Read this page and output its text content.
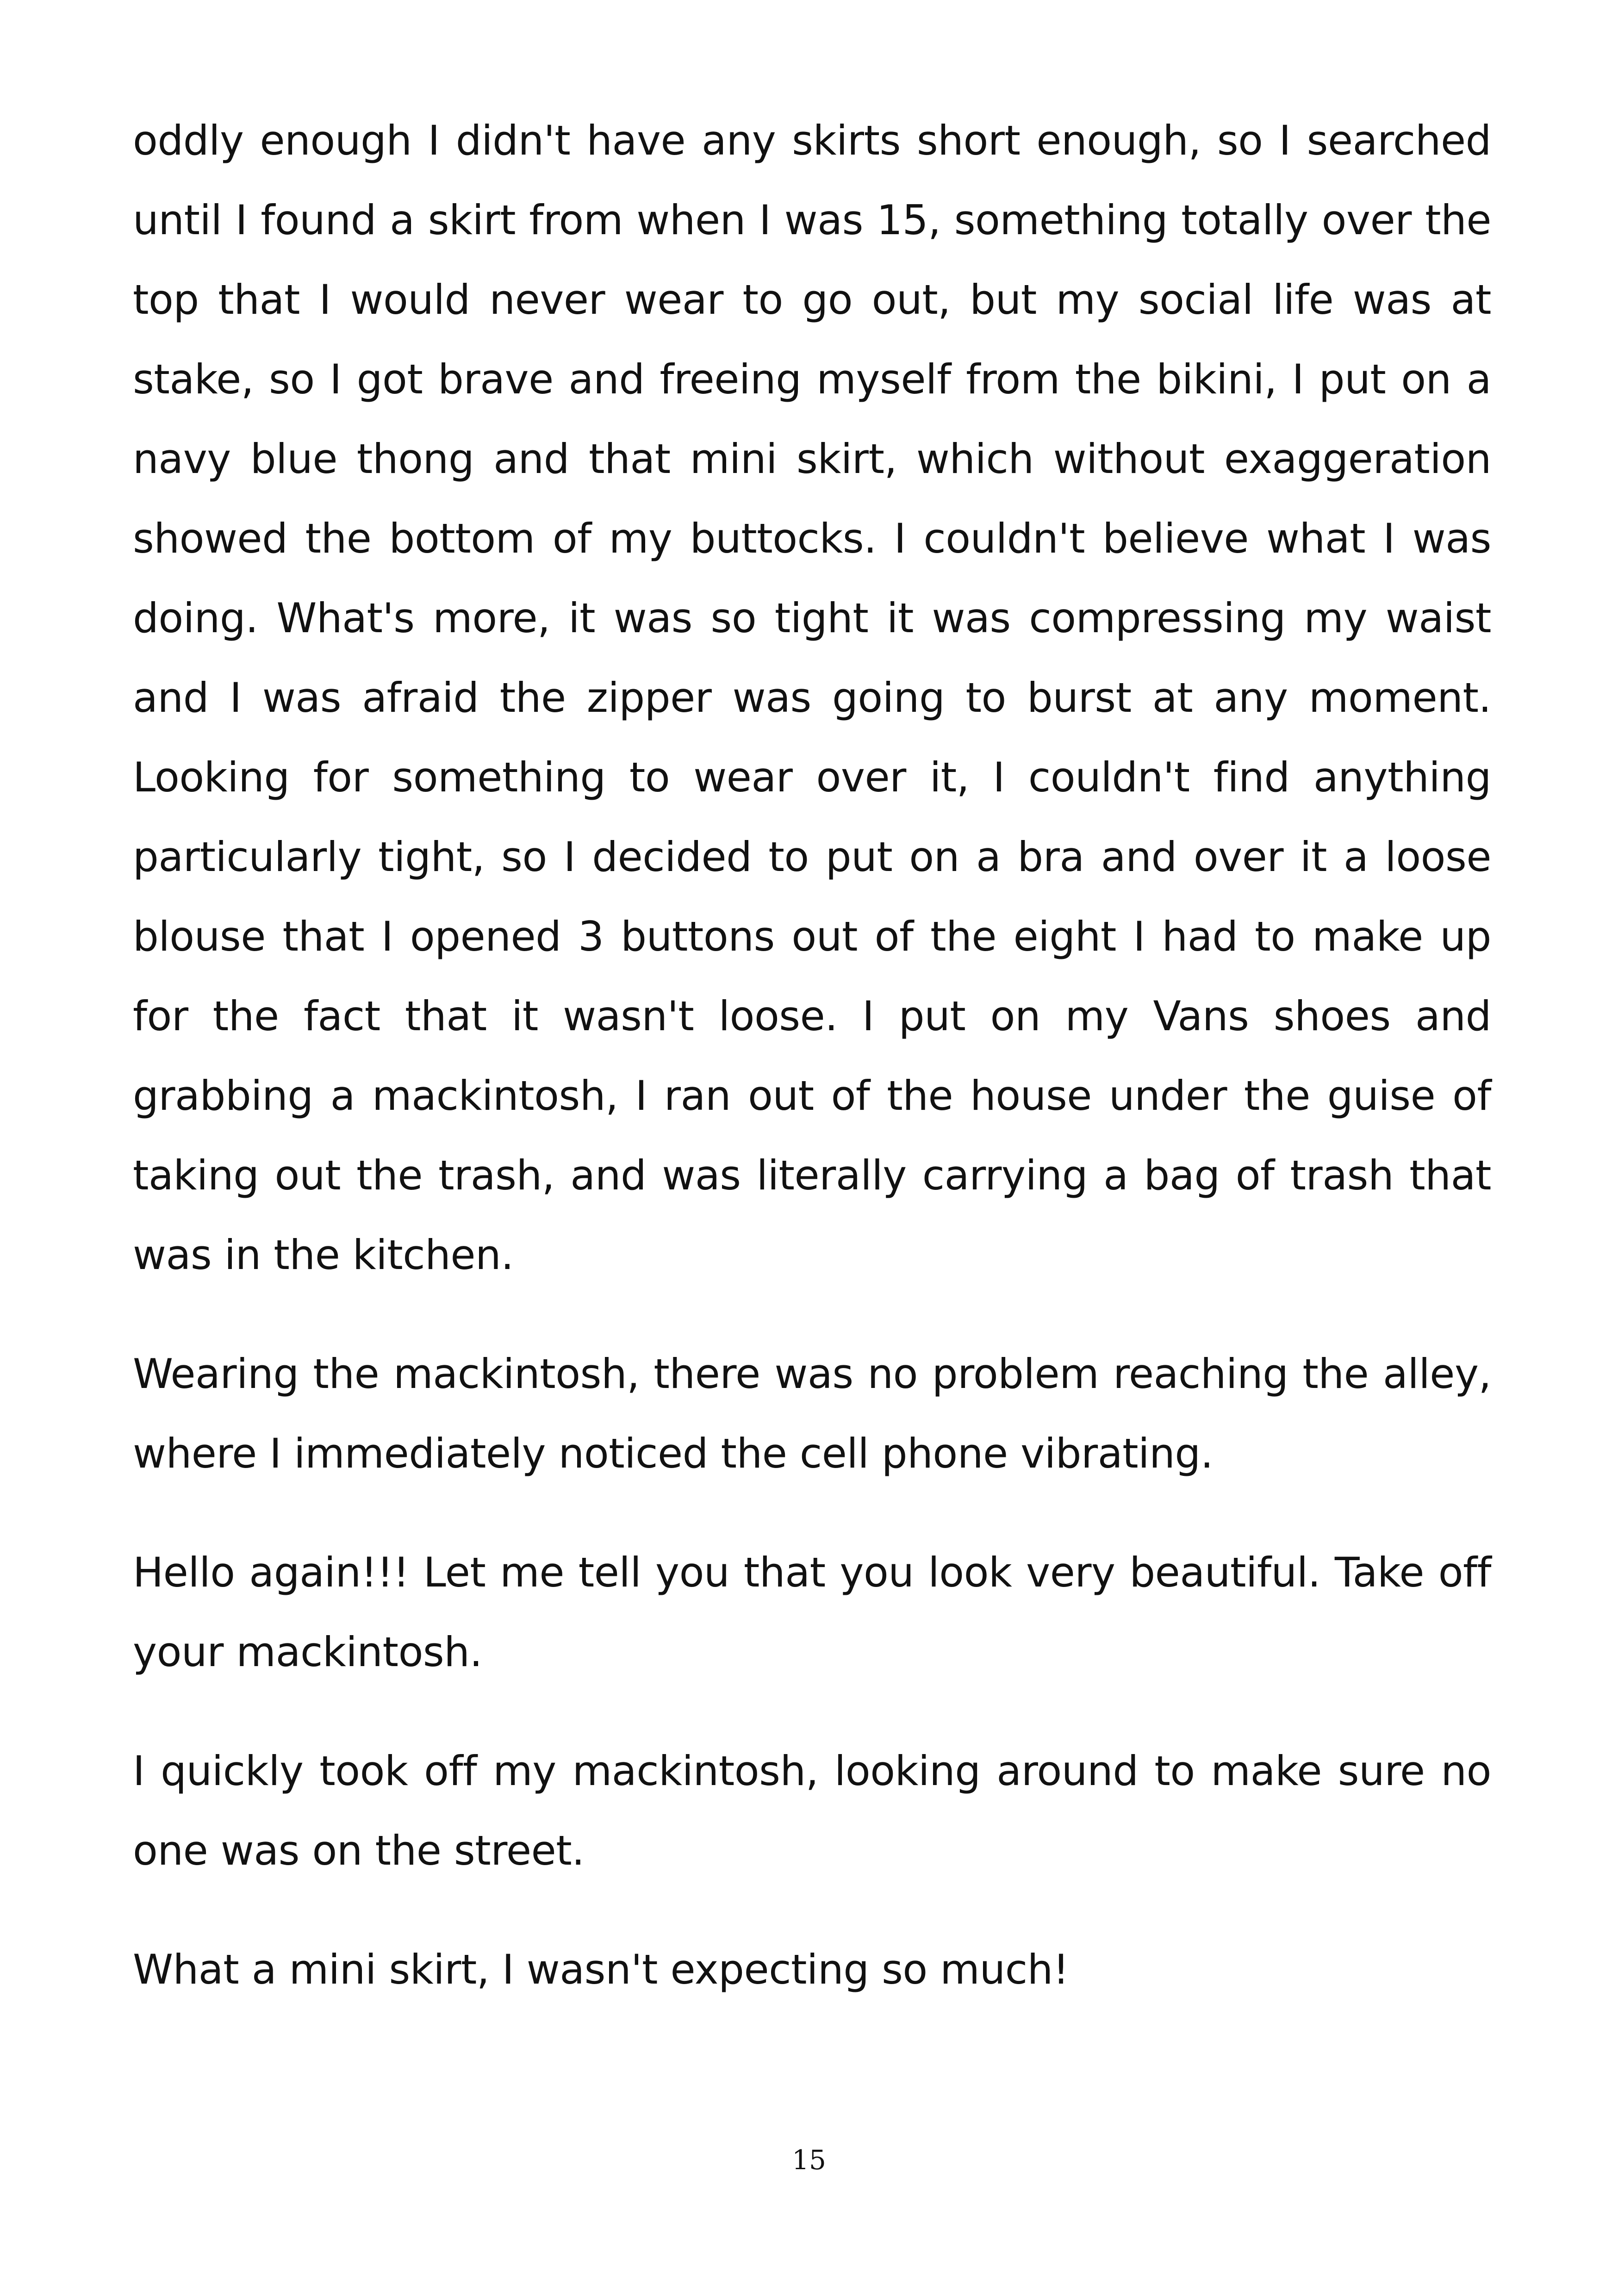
oddly enough I didn't have any skirts short enough, so I searched until I found a skirt from when I was 15, something totally over the top that I would never wear to go out, but my social life was at stake, so I got brave and freeing myself from the bikini, I put on a navy blue thong and that mini skirt, which without exaggeration showed the bottom of my buttocks. I couldn't believe what I was doing. What's more, it was so tight it was compressing my waist and I was afraid the zipper was going to burst at any moment. Looking for something to wear over it, I couldn't find anything particularly tight, so I decided to put on a bra and over it a loose blouse that I opened 3 buttons out of the eight I had to make up for the fact that it wasn't loose. I put on my Vans shoes and grabbing a mackintosh, I ran out of the house under the guise of taking out the trash, and was literally carrying a bag of trash that was in the kitchen.

Wearing the mackintosh, there was no problem reaching the alley, where I immediately noticed the cell phone vibrating.

Hello again!!! Let me tell you that you look very beautiful. Take off your mackintosh.

I quickly took off my mackintosh, looking around to make sure no one was on the street.

What a mini skirt, I wasn't expecting so much!

15
